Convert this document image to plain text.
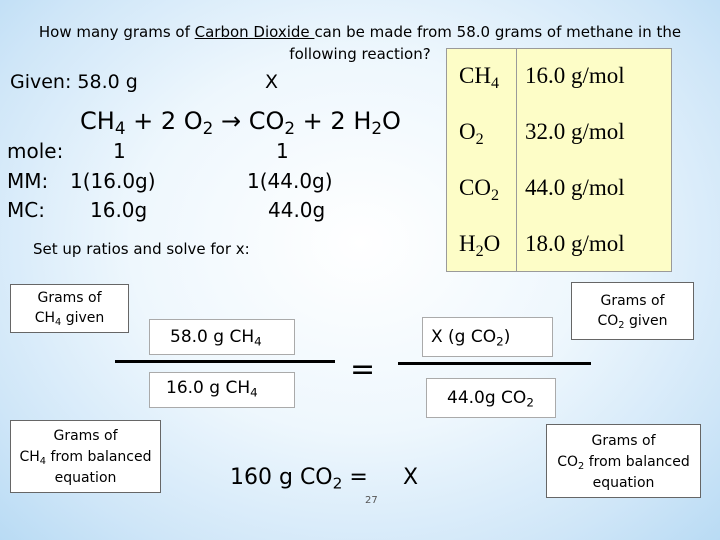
How many grams of Carbon Dioxide can be made from 58.0 grams of methane in the
following reaction?
Given: 58.0 g	X
$CH_4 + 2$ $O_2 \to CO_2 + 2$ $H_2O$
mole:
MM:
MC:
1
1(16.0g)
16.0g
1
1(44.0g)
44.0g
$CH_4$ 16.0 g/mol
$O_2$ 32.0 g/mol
$CO_2$ 44.0 g/mol
$H_2O$ 18.0 g/mol
Set up ratios and solve for x:
Grams of
$CH_4$ given
Grams of
$CO_2$ given
Grams of
$CH_4$ from balanced
equation
Grams of
$CO_2$ from balanced
equation
58.0 g $CH_4$
16.0 g $CH_4$
=
X (g $CO_2$)
44.0g $CO_2$
160 g $CO_2 = X$
27
